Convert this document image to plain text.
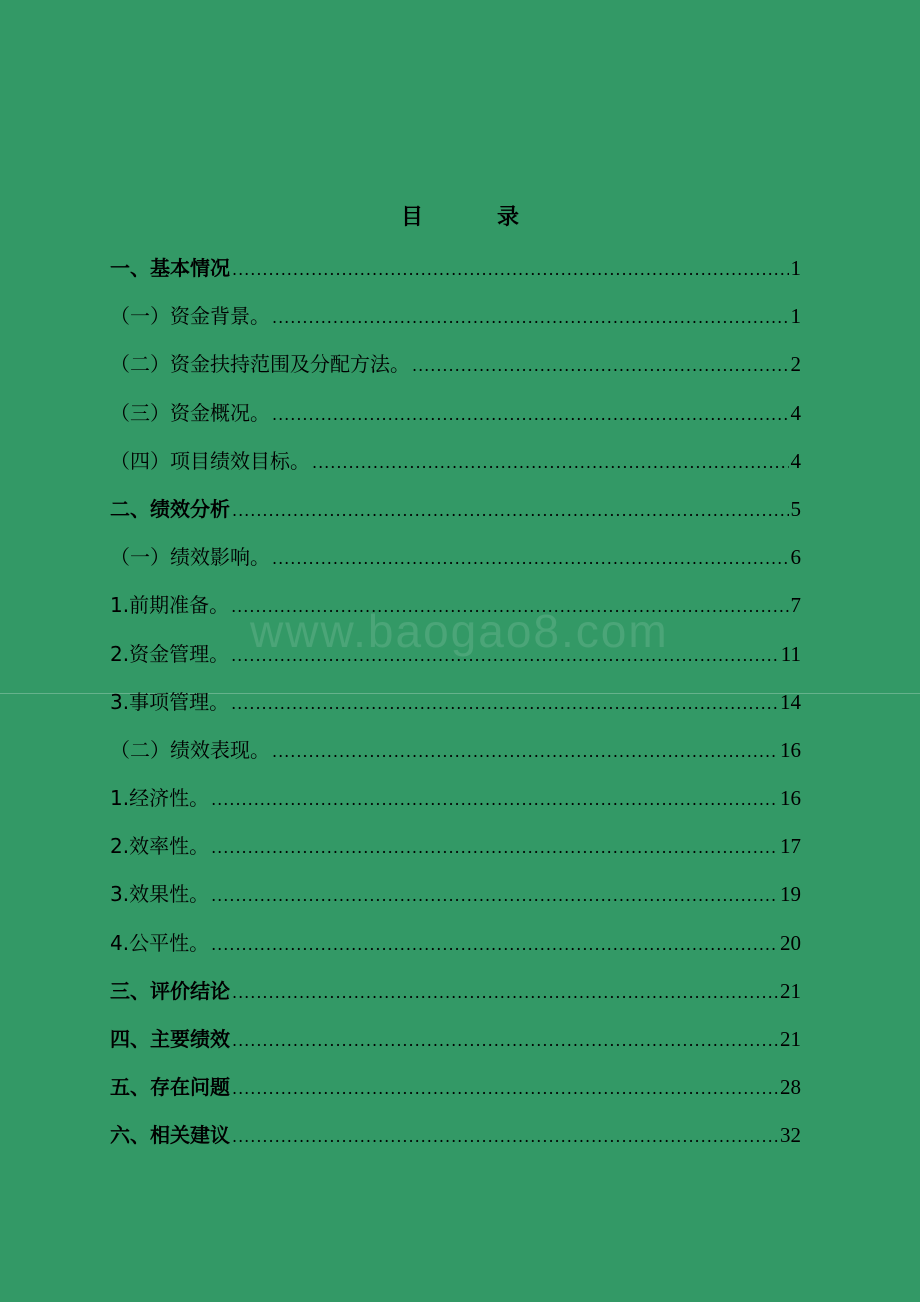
www.baogao8.com
目　录
一、基本情况 .....	1
（一）资金背景。 .....	1
（二）资金扶持范围及分配方法。 .....	2
（三）资金概况。 .....	4
（四）项目绩效目标。 .....	4
二、绩效分析 .....	5
（一）绩效影响。 .....	6
1.前期准备。 .....	7
2.资金管理。 .....	11
3.事项管理。 .....	14
（二）绩效表现。 .....	16
1.经济性。 .....	16
2.效率性。 .....	17
3.效果性。 .....	19
4.公平性。 .....	20
三、评价结论 .....	21
四、主要绩效 .....	21
五、存在问题 .....	28
六、相关建议 .....	32
